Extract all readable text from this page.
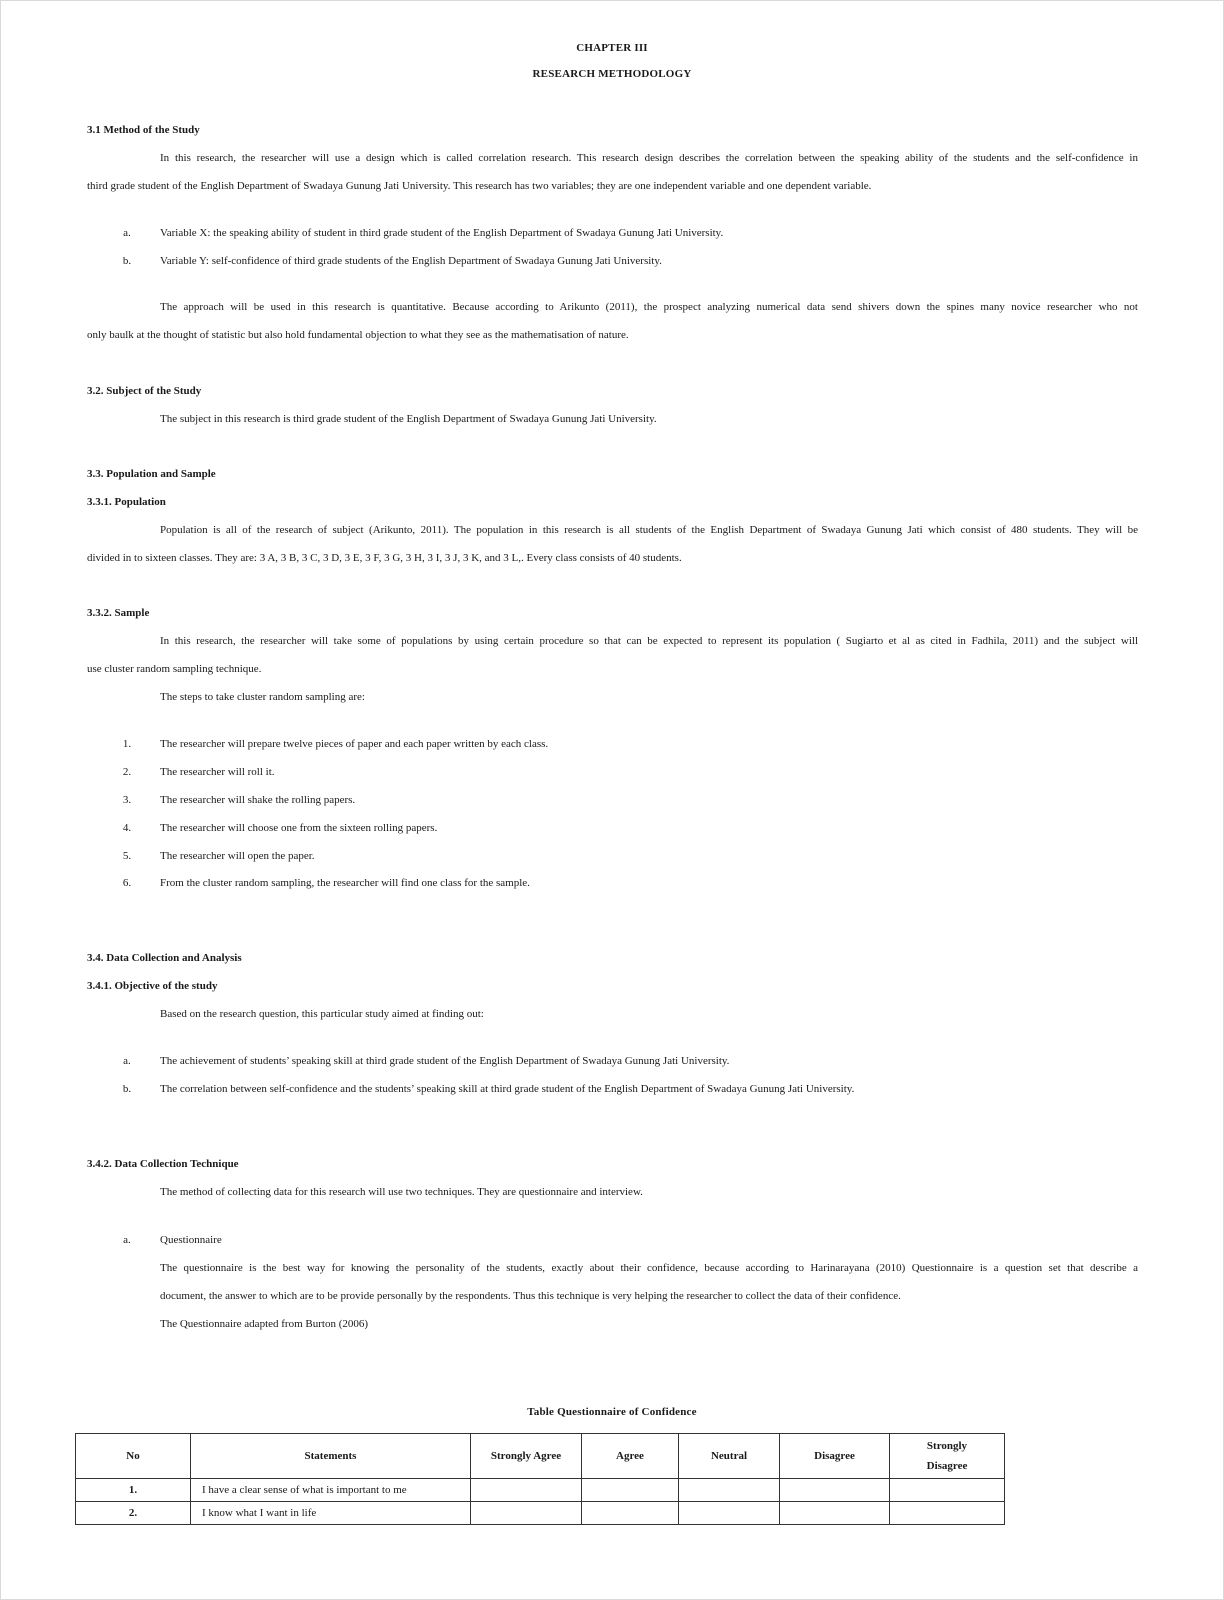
CHAPTER III
RESEARCH METHODOLOGY
3.1 Method of the Study
In this research, the researcher will use a design which is called correlation research. This research design describes the correlation between the speaking ability of the students and the self-confidence in
third grade student of the English Department of Swadaya Gunung Jati University. This research has two variables; they are one independent variable and one dependent variable.
a.	Variable X: the speaking ability of student in third grade student of the English Department of Swadaya Gunung Jati University.
b.	Variable Y: self-confidence of third grade students of the English Department of Swadaya Gunung Jati University.
The approach will be used in this research is quantitative. Because according to Arikunto (2011), the prospect analyzing numerical data send shivers down the spines many novice researcher who not
only baulk at the thought of statistic but also hold fundamental objection to what they see as the mathematisation of nature.
3.2. Subject of the Study
The subject in this research is third grade student of the English Department of Swadaya Gunung Jati University.
3.3. Population and Sample
3.3.1. Population
Population is all of the research of subject (Arikunto, 2011). The population in this research is all students of the English Department of Swadaya Gunung Jati which consist of 480 students. They will be
divided in to sixteen classes. They are: 3 A, 3 B, 3 C, 3 D, 3 E, 3 F, 3 G, 3 H, 3 I, 3 J, 3 K, and 3 L,. Every class consists of 40 students.
3.3.2. Sample
In this research, the researcher will take some of populations by using certain procedure so that can be expected to represent its population ( Sugiarto et al as cited in Fadhila, 2011) and the subject will
use cluster random sampling technique.
The steps to take cluster random sampling are:
1.	The researcher will prepare twelve pieces of paper and each paper written by each class.
2.	The researcher will roll it.
3.	The researcher will shake the rolling papers.
4.	The researcher will choose one from the sixteen rolling papers.
5.	The researcher will open the paper.
6.	From the cluster random sampling, the researcher will find one class for the sample.
3.4. Data Collection and Analysis
3.4.1. Objective of the study
Based on the research question, this particular study aimed at finding out:
a.	The achievement of students’ speaking skill at third grade student of the English Department of Swadaya Gunung Jati University.
b.	The correlation between self-confidence and the students’ speaking skill at third grade student of the English Department of Swadaya Gunung Jati University.
3.4.2. Data Collection Technique
The method of collecting data for this research will use two techniques. They are questionnaire and interview.
a.	Questionnaire
The questionnaire is the best way for knowing the personality of the students, exactly about their confidence, because according to Harinarayana (2010) Questionnaire is a question set that describe a
document, the answer to which are to be provide personally by the respondents. Thus this technique is very helping the researcher to collect the data of their confidence.
The Questionnaire adapted from Burton (2006)
Table Questionnaire of Confidence
No	Statements	Strongly Agree	Agree	Neutral	Disagree	Strongly Disagree
1.	I have a clear sense of what is important to me					
2.	I know what I want in life					
